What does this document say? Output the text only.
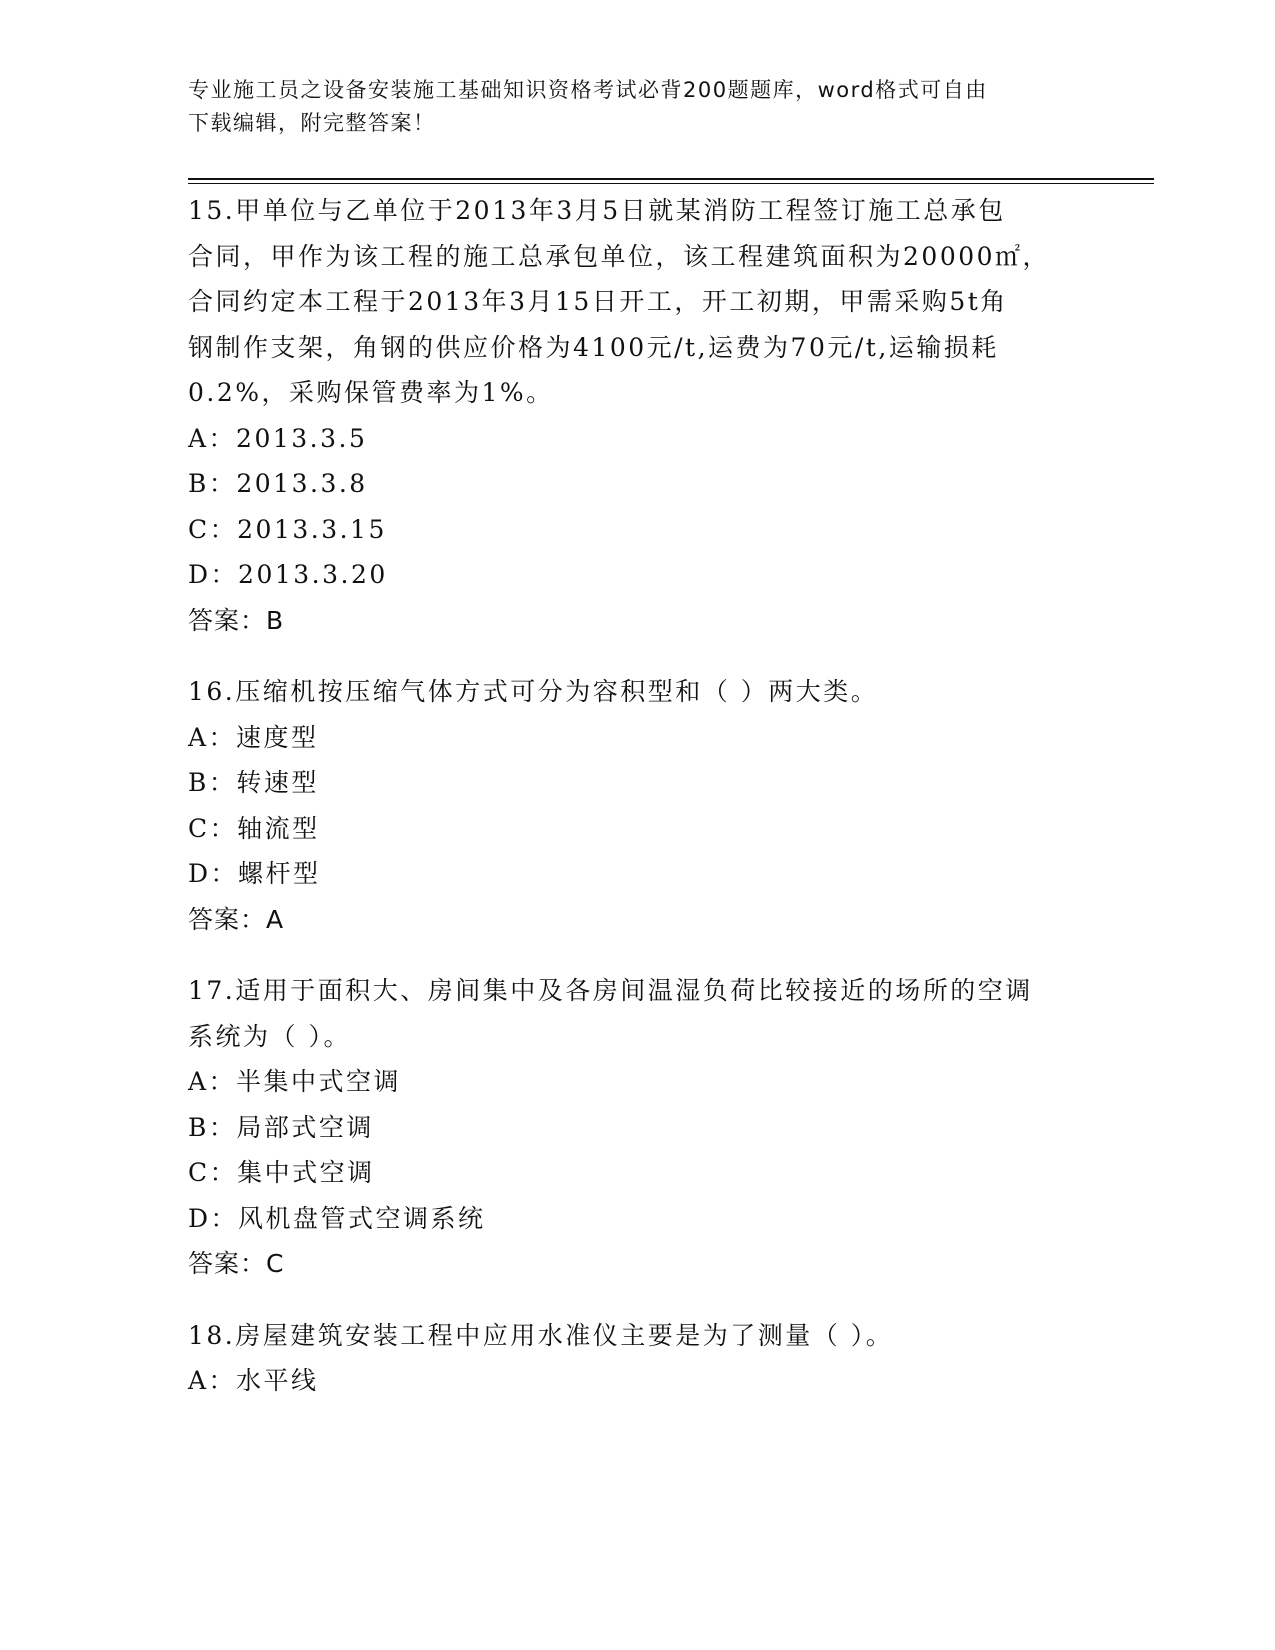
专业施工员之设备安装施工基础知识资格考试必背200题题库，word格式可自由
下载编辑，附完整答案！
15.甲单位与乙单位于2013年3月5日就某消防工程签订施工总承包
合同，甲作为该工程的施工总承包单位，该工程建筑面积为20000㎡，
合同约定本工程于2013年3月15日开工，开工初期，甲需采购5t角
钢制作支架，角钢的供应价格为4100元/t,运费为70元/t,运输损耗
0.2%，采购保管费率为1%。
A：2013.3.5
B：2013.3.8
C：2013.3.15
D：2013.3.20
答案：B
16.压缩机按压缩气体方式可分为容积型和（ ）两大类。
A：速度型
B：转速型
C：轴流型
D：螺杆型
答案：A
17.适用于面积大、房间集中及各房间温湿负荷比较接近的场所的空调
系统为（ ）。
A：半集中式空调
B：局部式空调
C：集中式空调
D：风机盘管式空调系统
答案：C
18.房屋建筑安装工程中应用水准仪主要是为了测量（ ）。
A：水平线
